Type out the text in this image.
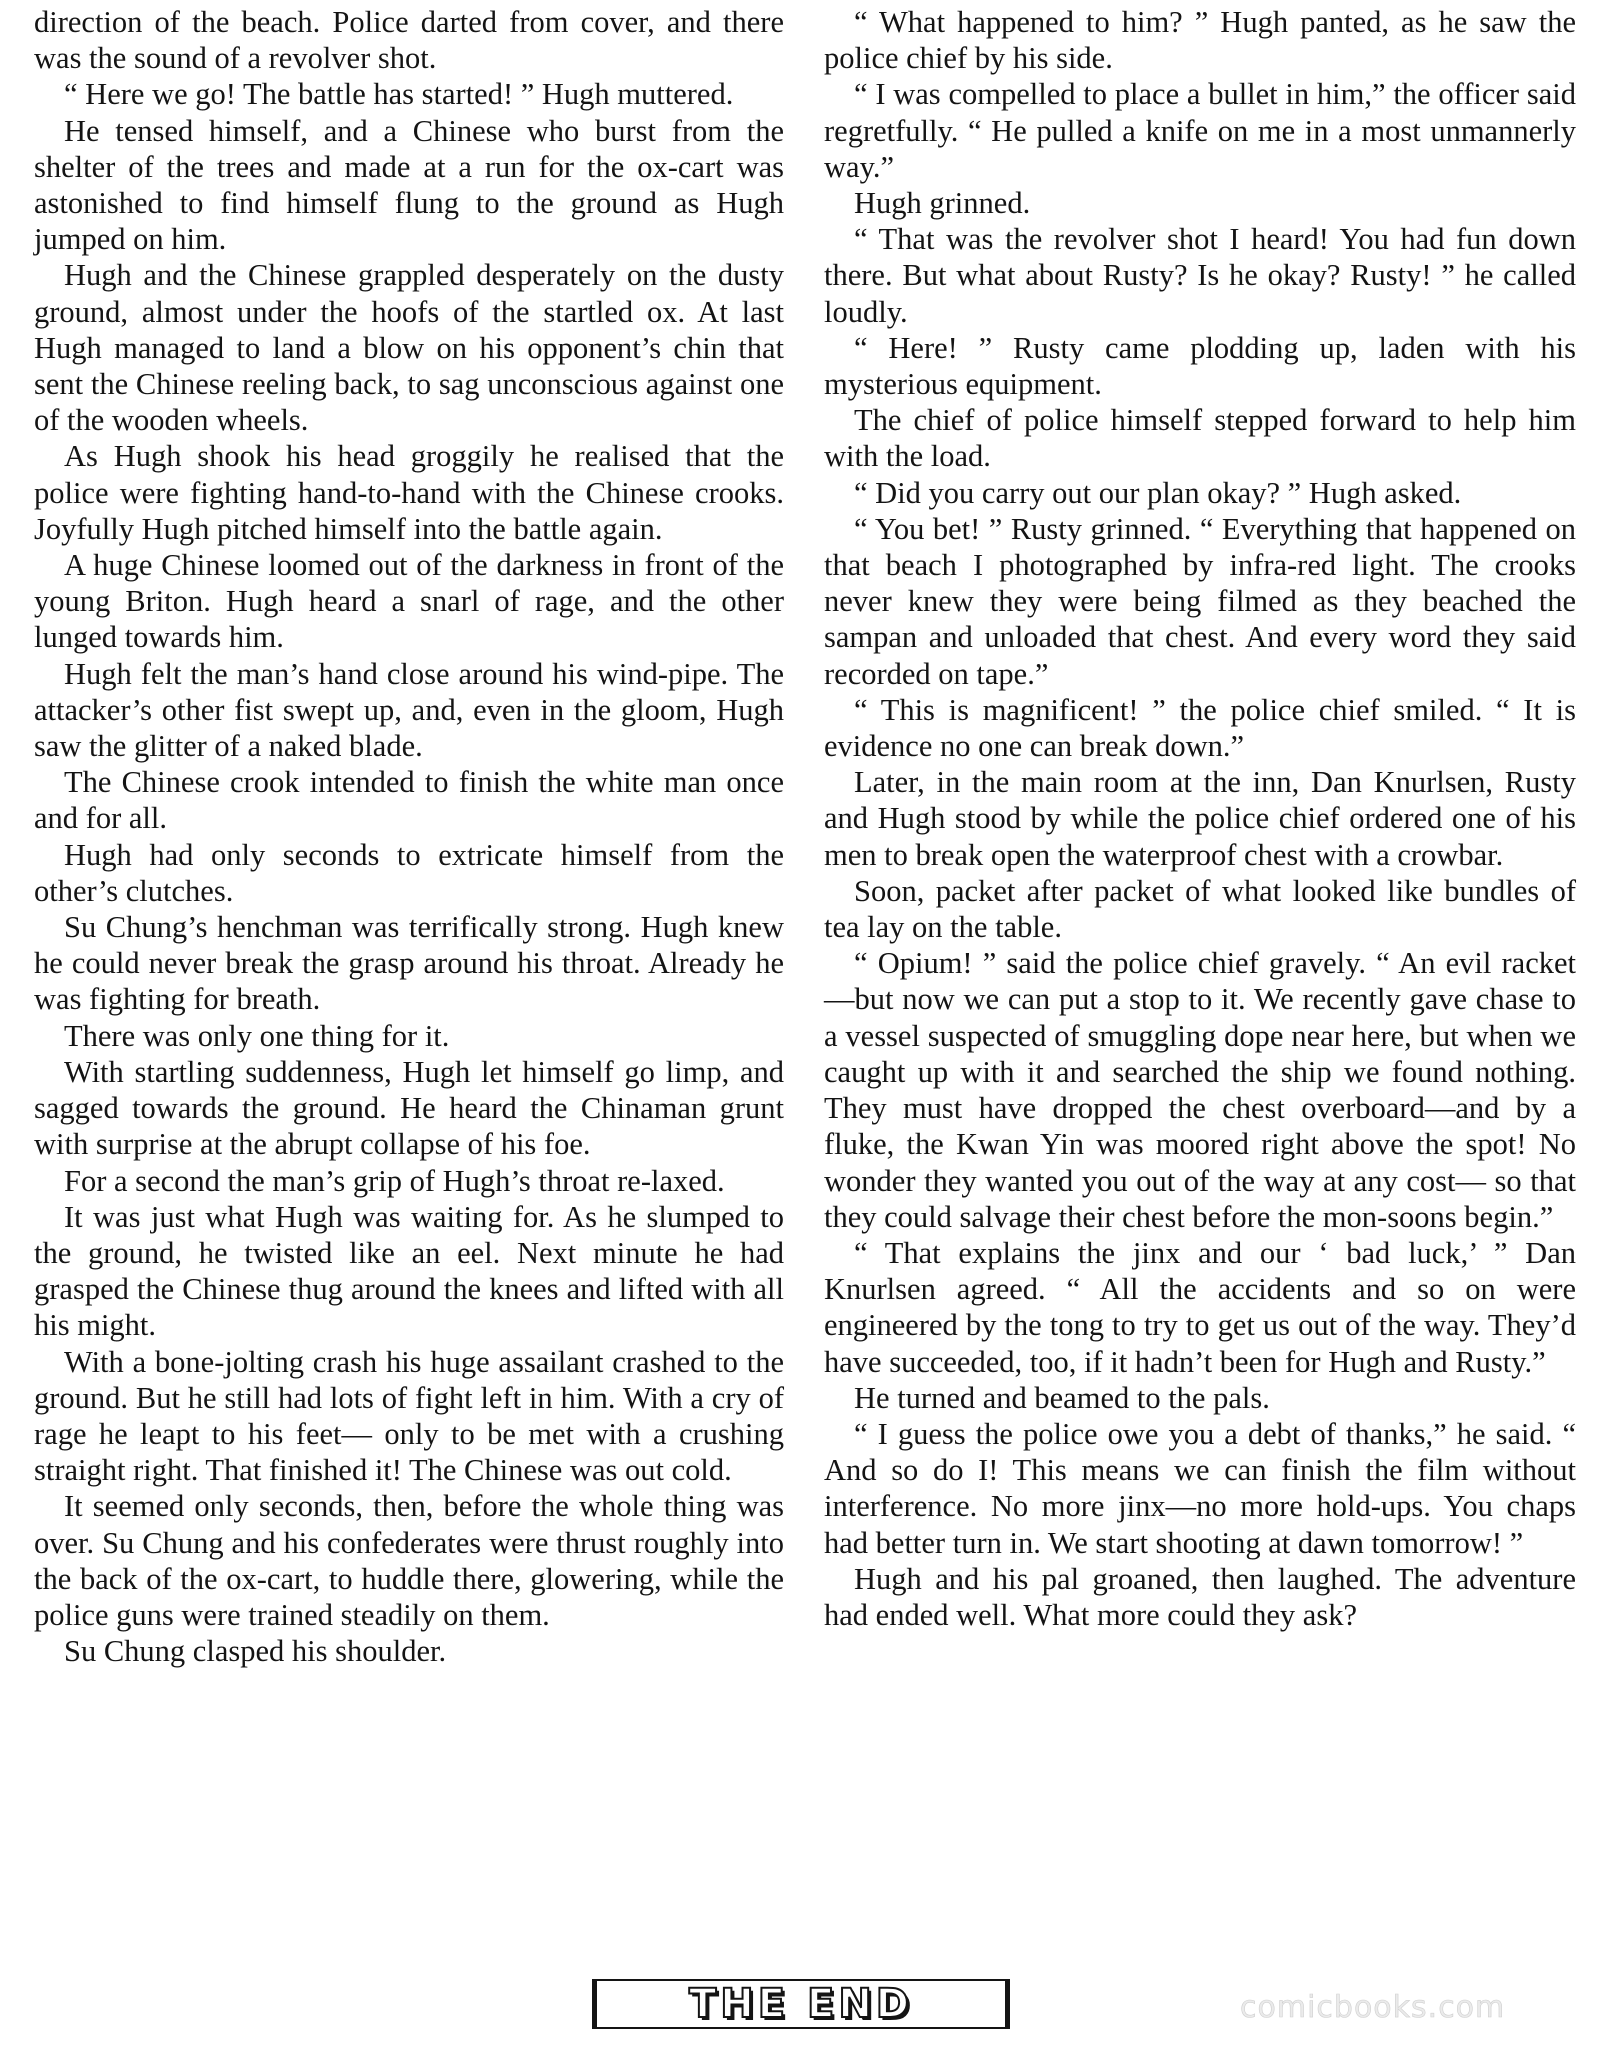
direction of the beach. Police darted from cover, and there was the sound of a revolver shot.

“ Here we go! The battle has started! ” Hugh muttered.

He tensed himself, and a Chinese who burst from the shelter of the trees and made at a run for the ox-cart was astonished to find himself flung to the ground as Hugh jumped on him.

Hugh and the Chinese grappled desperately on the dusty ground, almost under the hoofs of the startled ox. At last Hugh managed to land a blow on his opponent’s chin that sent the Chinese reeling back, to sag unconscious against one of the wooden wheels.

As Hugh shook his head groggily he realised that the police were fighting hand-to-hand with the Chinese crooks. Joyfully Hugh pitched himself into the battle again.

A huge Chinese loomed out of the darkness in front of the young Briton. Hugh heard a snarl of rage, and the other lunged towards him.

Hugh felt the man’s hand close around his wind-pipe. The attacker’s other fist swept up, and, even in the gloom, Hugh saw the glitter of a naked blade.

The Chinese crook intended to finish the white man once and for all.

Hugh had only seconds to extricate himself from the other’s clutches.

Su Chung’s henchman was terrifically strong. Hugh knew he could never break the grasp around his throat. Already he was fighting for breath.

There was only one thing for it.

With startling suddenness, Hugh let himself go limp, and sagged towards the ground. He heard the Chinaman grunt with surprise at the abrupt collapse of his foe.

For a second the man’s grip of Hugh’s throat re-laxed.

It was just what Hugh was waiting for. As he slumped to the ground, he twisted like an eel. Next minute he had grasped the Chinese thug around the knees and lifted with all his might.

With a bone-jolting crash his huge assailant crashed to the ground. But he still had lots of fight left in him. With a cry of rage he leapt to his feet— only to be met with a crushing straight right. That finished it! The Chinese was out cold.

It seemed only seconds, then, before the whole thing was over. Su Chung and his confederates were thrust roughly into the back of the ox-cart, to huddle there, glowering, while the police guns were trained steadily on them.

Su Chung clasped his shoulder.

“ What happened to him? ” Hugh panted, as he saw the police chief by his side.

“ I was compelled to place a bullet in him,” the officer said regretfully. “ He pulled a knife on me in a most unmannerly way.”

Hugh grinned.

“ That was the revolver shot I heard! You had fun down there. But what about Rusty? Is he okay? Rusty! ” he called loudly.

“ Here! ” Rusty came plodding up, laden with his mysterious equipment.

The chief of police himself stepped forward to help him with the load.

“ Did you carry out our plan okay? ” Hugh asked.

“ You bet! ” Rusty grinned. “ Everything that happened on that beach I photographed by infra-red light. The crooks never knew they were being filmed as they beached the sampan and unloaded that chest. And every word they said recorded on tape.”

“ This is magnificent! ” the police chief smiled. “ It is evidence no one can break down.”

Later, in the main room at the inn, Dan Knurlsen, Rusty and Hugh stood by while the police chief ordered one of his men to break open the waterproof chest with a crowbar.

Soon, packet after packet of what looked like bundles of tea lay on the table.

“ Opium! ” said the police chief gravely. “ An evil racket—but now we can put a stop to it. We recently gave chase to a vessel suspected of smuggling dope near here, but when we caught up with it and searched the ship we found nothing. They must have dropped the chest overboard—and by a fluke, the Kwan Yin was moored right above the spot! No wonder they wanted you out of the way at any cost— so that they could salvage their chest before the mon-soons begin.”

“ That explains the jinx and our ‘ bad luck,’ ” Dan Knurlsen agreed. “ All the accidents and so on were engineered by the tong to try to get us out of the way. They’d have succeeded, too, if it hadn’t been for Hugh and Rusty.”

He turned and beamed to the pals.

“ I guess the police owe you a debt of thanks,” he said. “ And so do I! This means we can finish the film without interference. No more jinx—no more hold-ups. You chaps had better turn in. We start shooting at dawn tomorrow! ”

Hugh and his pal groaned, then laughed. The adventure had ended well. What more could they ask?

THE END	comicbooks.com
